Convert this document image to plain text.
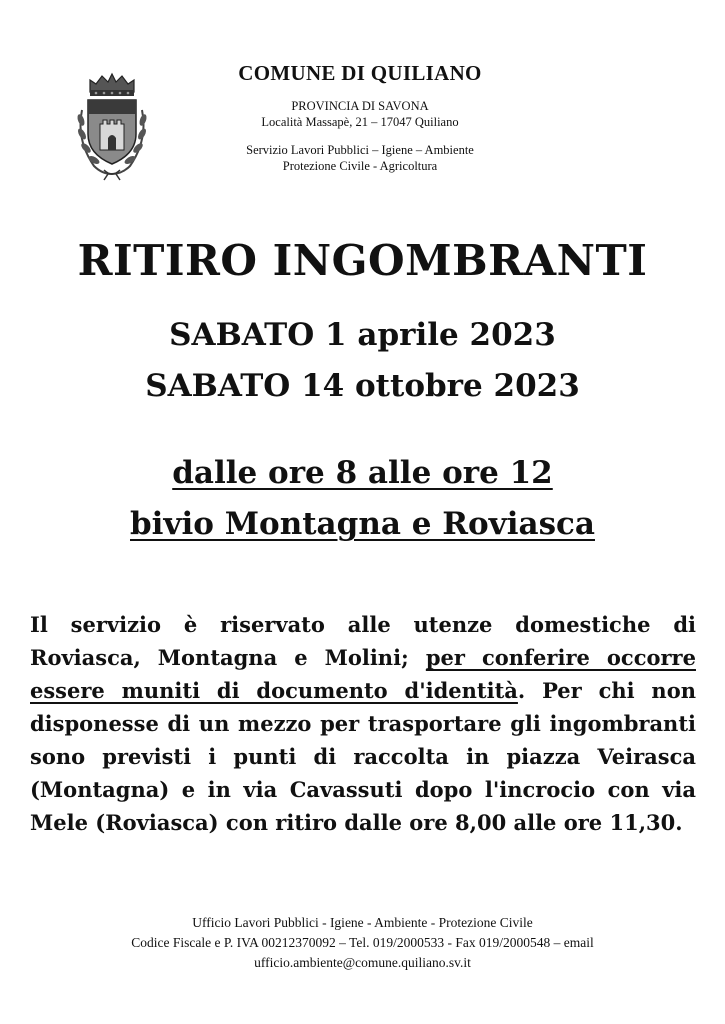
COMUNE DI QUILIANO
PROVINCIA DI SAVONA
Località Massapè, 21 – 17047 Quiliano
Servizio Lavori Pubblici – Igiene – Ambiente
Protezione Civile - Agricoltura
RITIRO INGOMBRANTI
SABATO 1 aprile 2023
SABATO 14 ottobre 2023
dalle ore 8 alle ore 12
bivio Montagna e Roviasca
Il servizio è riservato alle utenze domestiche di Roviasca, Montagna e Molini; per conferire occorre essere muniti di documento d'identità. Per chi non disponesse di un mezzo per trasportare gli ingombranti sono previsti i punti di raccolta in piazza Veirasca (Montagna) e in via Cavassuti dopo l'incrocio con via Mele (Roviasca) con ritiro dalle ore 8,00 alle ore 11,30.
Ufficio Lavori Pubblici - Igiene - Ambiente - Protezione Civile
Codice Fiscale e P. IVA 00212370092 – Tel. 019/2000533 - Fax 019/2000548 – email
ufficio.ambiente@comune.quiliano.sv.it
